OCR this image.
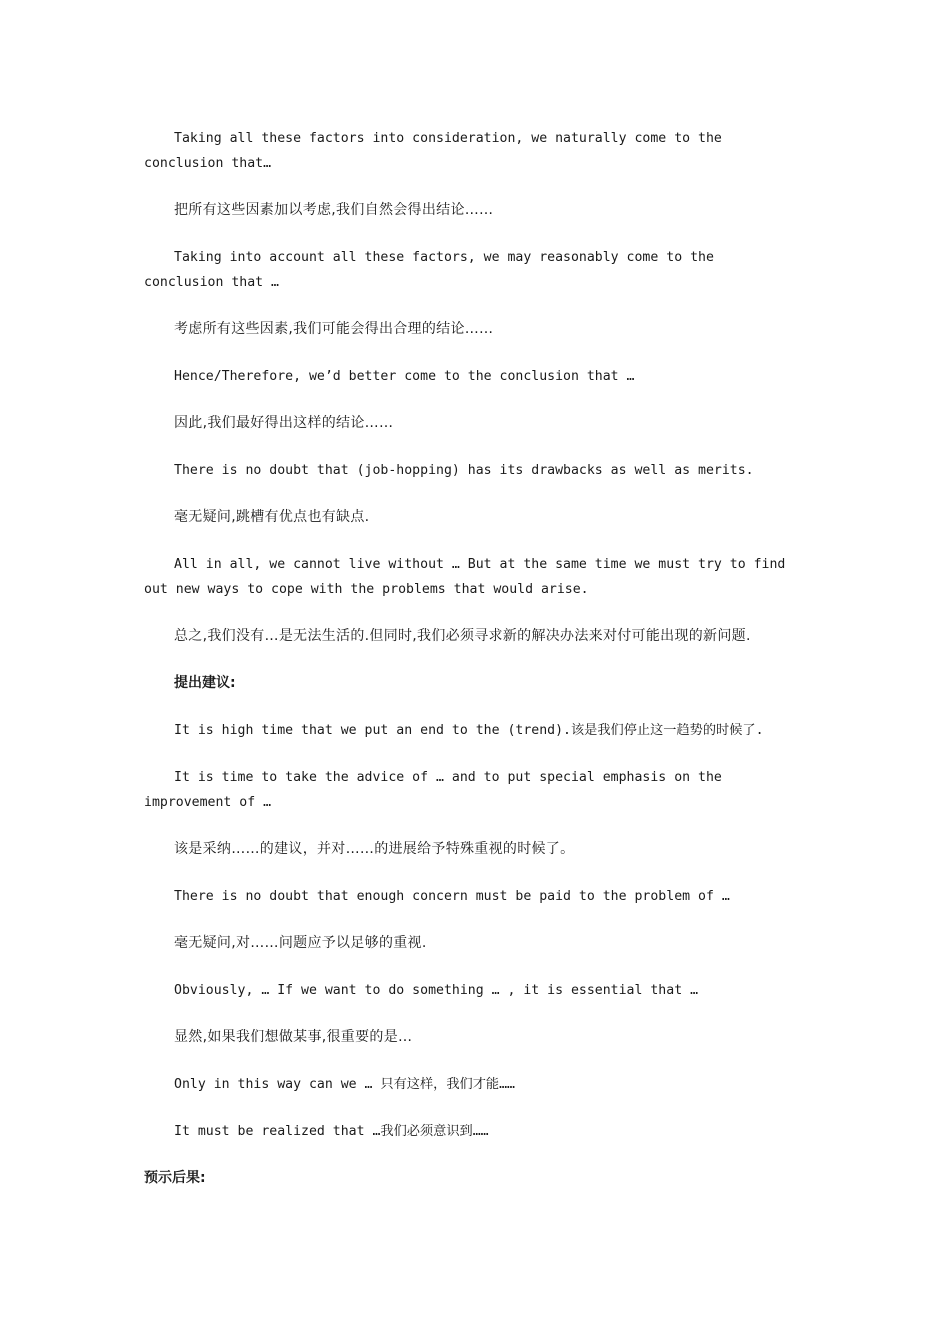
Taking all these factors into consideration, we naturally come to the conclusion that…

把所有这些因素加以考虑,我们自然会得出结论……

Taking into account all these factors, we may reasonably come to the conclusion that …

考虑所有这些因素,我们可能会得出合理的结论……

Hence/Therefore, we’d better come to the conclusion that …

因此,我们最好得出这样的结论……

There is no doubt that (job-hopping) has its drawbacks as well as merits.

毫无疑问,跳槽有优点也有缺点.

All in all, we cannot live without … But at the same time we must try to find out new ways to cope with the problems that would arise.

总之,我们没有…是无法生活的.但同时,我们必须寻求新的解决办法来对付可能出现的新问题.

提出建议:

It is high time that we put an end to the (trend).该是我们停止这一趋势的时候了.

It is time to take the advice of … and to put special emphasis on the improvement of …

该是采纳……的建议，并对……的进展给予特殊重视的时候了。

There is no doubt that enough concern must be paid to the problem of …

毫无疑问,对……问题应予以足够的重视.

Obviously, … If we want to do something … , it is essential that …

显然,如果我们想做某事,很重要的是…

Only in this way can we … 只有这样，我们才能……

It must be realized that …我们必须意识到……

预示后果:
